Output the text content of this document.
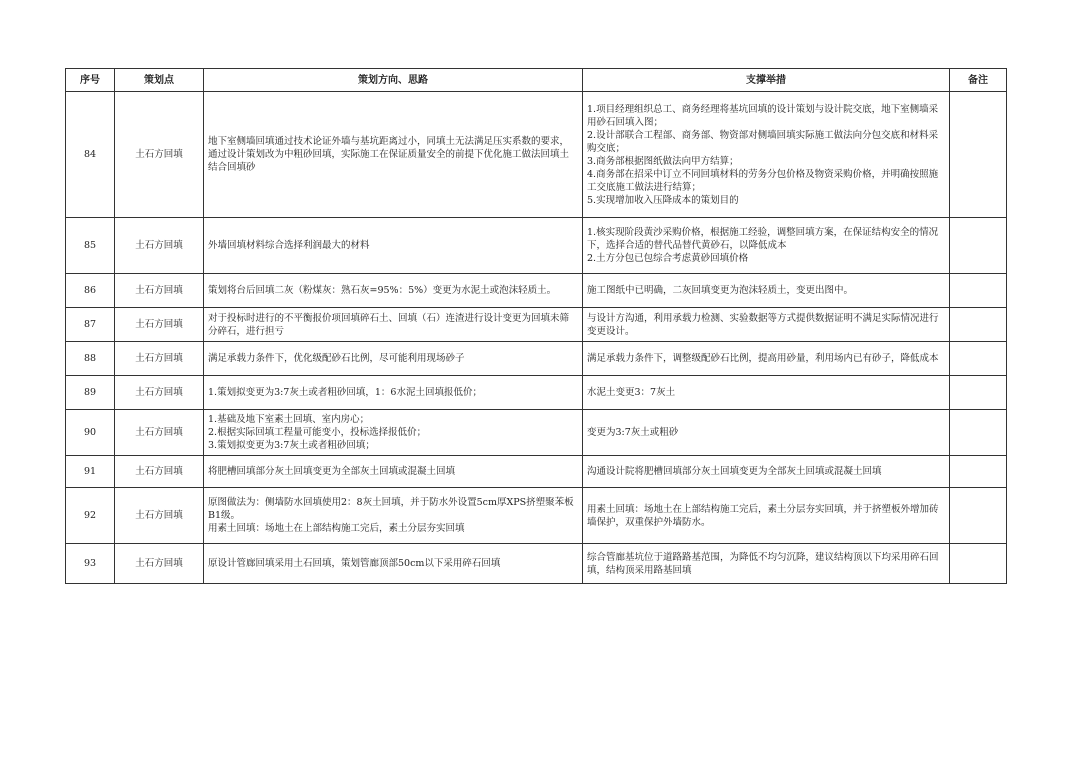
序号	策划点	策划方向、思路	支撑举措	备注
84	土石方回填	地下室侧墙回填通过技术论证外墙与基坑距离过小，同填土无法满足压实系数的要求，通过设计策划改为中粗砂回填，实际施工在保证质量安全的前提下优化施工做法回填土结合回填砂	1.项目经理组织总工、商务经理将基坑回填的设计策划与设计院交底，地下室侧墙采用砂石回填入图；
2.设计部联合工程部、商务部、物资部对侧墙回填实际施工做法向分包交底和材料采购交底；
3.商务部根据图纸做法向甲方结算；
4.商务部在招采中订立不同回填材料的劳务分包价格及物资采购价格，并明确按照施工交底施工做法进行结算；
5.实现增加收入压降成本的策划目的	

85	土石方回填	外墙回填材料综合选择利润最大的材料	1.核实现阶段黄沙采购价格，根据施工经验，调整回填方案，在保证结构安全的情况下，选择合适的替代品替代黄砂石，以降低成本
2.土方分包已包综合考虑黄砂回填价格	

86	土石方回填	策划将台后回填二灰（粉煤灰：熟石灰=95%：5%）变更为水泥土或泡沫轻质土。	施工图纸中已明确，二灰回填变更为泡沫轻质土，变更出图中。	

87	土石方回填	对于投标时进行的不平衡报价项回填碎石土、回填（石）连渣进行设计变更为回填未筛分碎石，进行担亏	与设计方沟通，利用承载力检测、实验数据等方式提供数据证明不满足实际情况进行变更设计。	

88	土石方回填	满足承载力条件下，优化级配砂石比例，尽可能利用现场砂子	满足承载力条件下，调整级配砂石比例，提高用砂量，利用场内已有砂子，降低成本	

89	土石方回填	1.策划拟变更为3:7灰土或者粗砂回填，1：6水泥土回填报低价；	水泥土变更3：7灰土	

90	土石方回填	1.基础及地下室素土回填、室内房心；
2.根据实际回填工程量可能变小，投标选择报低价；
3.策划拟变更为3:7灰土或者粗砂回填；	变更为3:7灰土或粗砂	

91	土石方回填	将肥槽回填部分灰土回填变更为全部灰土回填或混凝土回填	沟通设计院将肥槽回填部分灰土回填变更为全部灰土回填或混凝土回填	

92	土石方回填	原图做法为：侧墙防水回填使用2：8灰土回填，并于防水外设置5cm厚XPS挤塑聚苯板B1级。
用素土回填：场地土在上部结构施工完后，素土分层夯实回填	用素土回填：场地土在上部结构施工完后，素土分层夯实回填，并于挤塑板外增加砖墙保护，双重保护外墙防水。	

93	土石方回填	原设计管廊回填采用土石回填，策划管廊顶部50cm以下采用碎石回填	综合管廊基坑位于道路路基范围，为降低不均匀沉降，建议结构顶以下均采用碎石回填，结构顶采用路基回填	
